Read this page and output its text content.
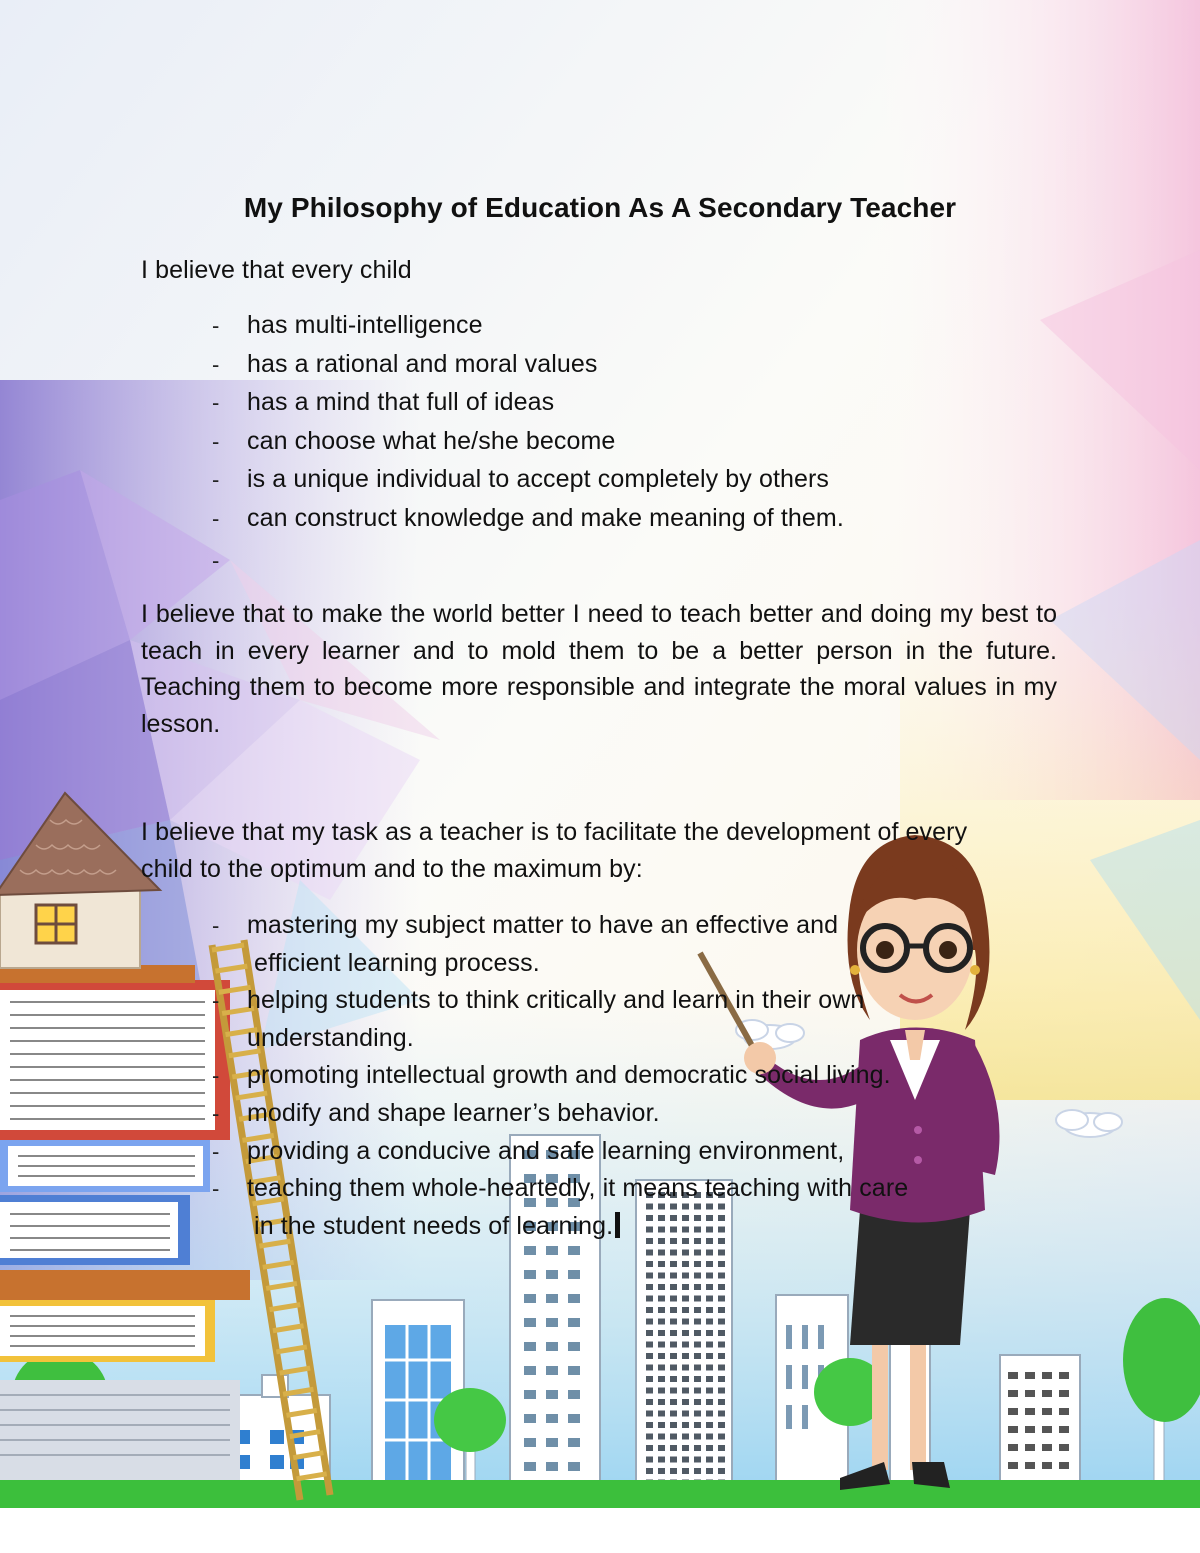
My Philosophy of Education As A Secondary Teacher
I believe that every child
- has multi-intelligence
- has a rational and moral values
- has a mind that full of ideas
- can choose what he/she become
- is a unique individual to accept completely by others
- can construct knowledge and make meaning of them.
-
I believe that to make the world better I need to teach better and doing my best to teach in every learner and to mold them to be a better person in the future. Teaching them to become more responsible and integrate the moral values in my lesson.
I believe that my task as a teacher is to facilitate the development of every
child to the optimum and to the maximum by:
- mastering my subject matter to have an effective and
efficient learning process.
- helping students to think critically and learn in their own
understanding.
- promoting intellectual growth and democratic social living.
- modify and shape learner’s behavior.
- providing a conducive and safe learning environment,
- teaching them whole-heartedly, it means teaching with care
in the student needs of learning.
